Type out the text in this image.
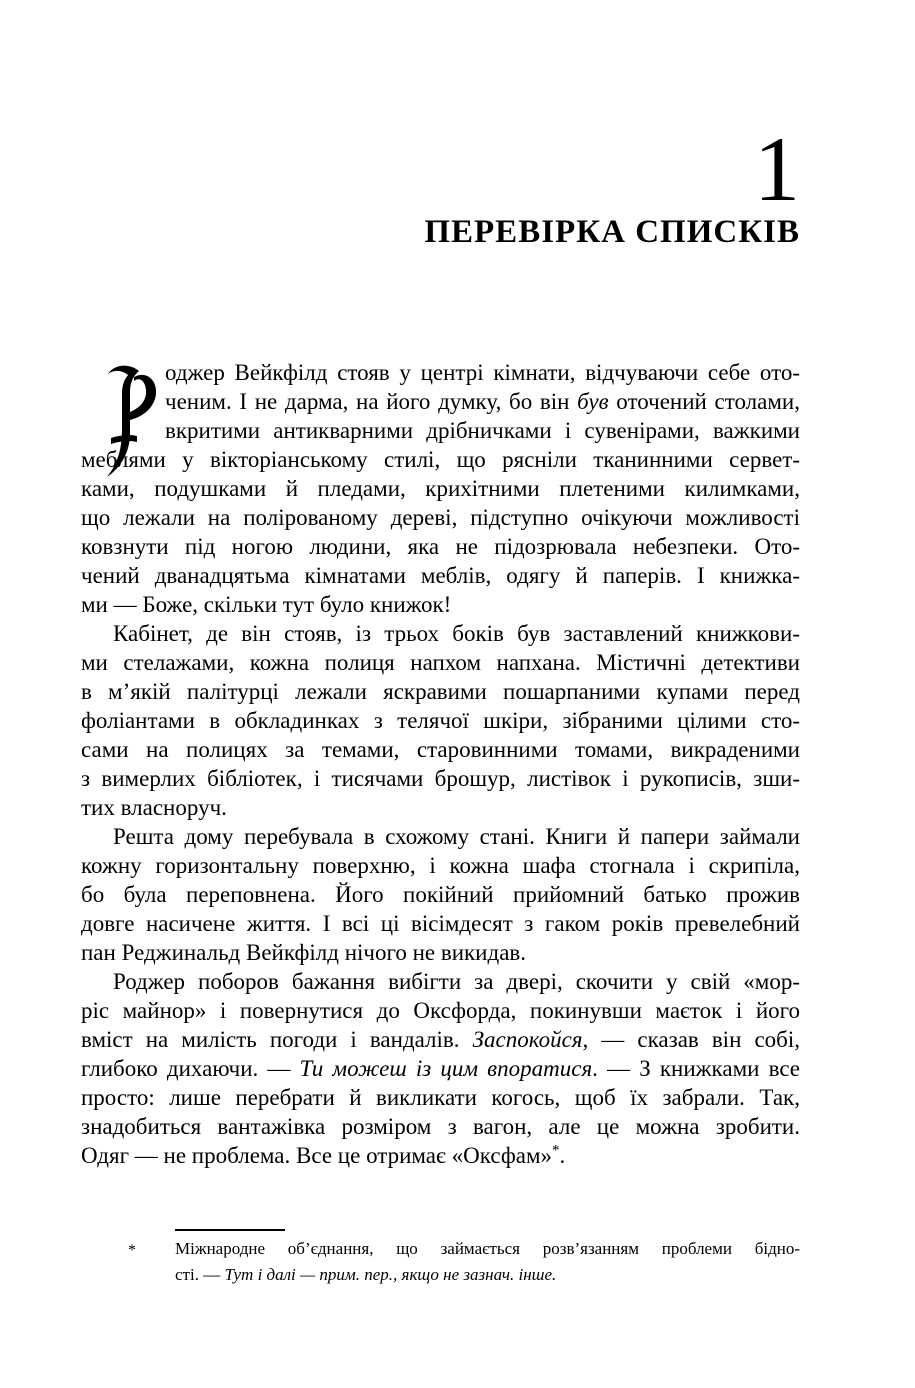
1
ПЕРЕВІРКА СПИСКІВ
оджер Вейкфілд стояв у центрі кімнати, відчуваючи себе ото-
ченим. І не дарма, на його думку, бо він був оточений столами,
вкритими антикварними дрібничками і сувенірами, важкими
меблями у вікторіанському стилі, що рясніли тканинними сервет-
ками, подушками й пледами, крихітними плетеними килимками,
що лежали на полірованому дереві, підступно очікуючи можливості
ковзнути під ногою людини, яка не підозрювала небезпеки. Ото-
чений дванадцятьма кімнатами меблів, одягу й паперів. І книжка-
ми — Боже, скільки тут було книжок!
Кабінет, де він стояв, із трьох боків був заставлений книжкови-
ми стелажами, кожна полиця напхом напхана. Містичні детективи
в м’якій палітурці лежали яскравими пошарпаними купами перед
фоліантами в обкладинках з телячої шкіри, зібраними цілими сто-
сами на полицях за темами, старовинними томами, викраденими
з вимерлих бібліотек, і тисячами брошур, листівок і рукописів, зши-
тих власноруч.
Решта дому перебувала в схожому стані. Книги й папери займали
кожну горизонтальну поверхню, і кожна шафа стогнала і скрипіла,
бо була переповнена. Його покійний прийомний батько прожив
довге насичене життя. І всі ці вісімдесят з гаком років превелебний
пан Реджинальд Вейкфілд нічого не викидав.
Роджер поборов бажання вибігти за двері, скочити у свій «мор-
ріс майнор» і повернутися до Оксфорда, покинувши маєток і його
вміст на милість погоди і вандалів. Заспокойся, — сказав він собі,
глибоко дихаючи. — Ти можеш із цим впоратися. — З книжками все
просто: лише перебрати й викликати когось, щоб їх забрали. Так,
знадобиться вантажівка розміром з вагон, але це можна зробити.
Одяг — не проблема. Все це отримає «Оксфам»*.
* Міжнародне об’єднання, що займається розв’язанням проблеми бідно-
сті. — Тут і далі — прим. пер., якщо не зазнач. інше.
